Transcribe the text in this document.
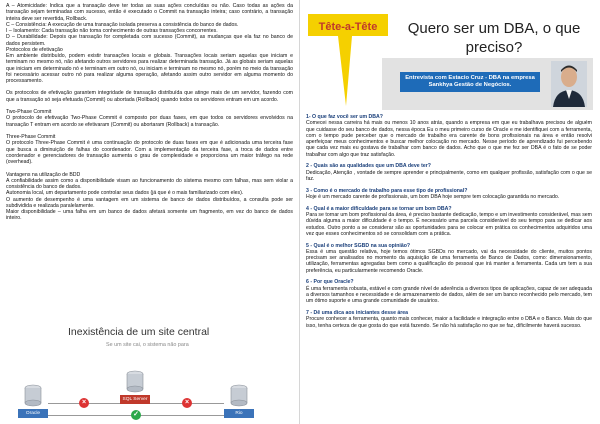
A – Atomicidade: Indica que a transação deve ter todas as suas ações concluídas ou não. Caso todas as ações da transação sejam terminadas com sucesso, então é executado o Commit na transação inteira; caso contrário, a transação inteira deve ser revertida, Rollback.

C – Consistência: A execução de uma transação isolada preserva a consistência do banco de dados.

I – Isolamento: Cada transação não toma conhecimento de outras transações concorrentes.

D – Durabilidade: Depois que transação for completada com sucesso (Commit), as mudanças que ela faz no banco de dados persistem.

Protocolos de efetivação

Em ambiente distribuído, podem existir transações locais e globais. Transações locais seriam aquelas que iniciam e terminam no mesmo nó, não afetando outros servidores para realizar determinada transação. Já as globais seriam aquelas que iniciam em determinado nó e terminam em outro nó, ou iniciam e terminam no mesmo nó, porém no meio da transação foi necessário acessar outro nó para realizar alguma operação, afetando assim outro servidor em alguma momento do processamento.

Os protocolos de efetivação garantem integridade de transação distribuída que atinge mais de um servidor, fazendo com que a transação só seja efetuada (Commit) ou abortada (Rollback) quando todos os servidores entram em um acordo.

Two-Phase Commit

O protocolo de efetivação Two-Phase Commit é composto por duas fases, em que todos os servidores envolvidos na transação T entram em acordo se efetivaram (Commit) ou abortaram (Rollback) a transação.

Three-Phase Commit

O protocolo Three-Phase Commit é uma continuação do protocolo de duas fases em que é adicionada uma terceira fase que busca a diminuição de falhas do coordenador. Com a implementação da terceira fase, a troca de dados entre coordenador e gerenciadores de transação aumenta o grau de complexidade e proporciona um maior tráfego na rede (overhead).

Vantagens na utilização de BDD

A confiabilidade assim como a disponibilidade visam ao funcionamento do sistema mesmo com falhas, mas sem violar a consistência do banco de dados.

Autonomia local, um departamento pode controlar seus dados (já que é o mais familiarizado com eles).

O aumento de desempenho é uma vantagem em um sistema de banco de dados distribuídos, a consulta pode ser subdividida e realizada paralelamente.

Maior disponibilidade – uma falha em um banco de dados afetará somente um fragmento, em vez do banco de dados inteiro.

Inexistência de um site central
Se um site cai, o sistema não para
×	×
✓
Oracle
SQL Server
Rio
Tête-a-Tête	Quero ser um DBA, o que preciso?
Entrevista com Estacio Cruz - DBA na empresa Sankhya Gestão de Negócios.

1- O que faz você ser um DBA?

Comecei nessa carreira há mais ou menos 10 anos atrás, quando a empresa em que eu trabalhava precisou de alguém que cuidasse do seu banco de dados, nessa época Eu o meu primeiro curso de Oracle e me identifiquei com a ferramenta, com o tempo pude perceber que o mercado de trabalho era carente de bons profissionais na área e então resolvi aperfeiçoar meus conhecimentos e buscar melhor colocação no mercado. Nesse período de aprendizado fui percebendo que cada vez mais eu gostava de trabalhar com banco de dados. Acho que o que me fez ser DBA é o fato de se poder trabalhar com algo que traz satisfação.

2 - Quais são as qualidades que um DBA deve ter?

Dedicação, Atenção , vontade de sempre aprender e principalmente, como em qualquer profissão, satisfação com o que se faz.

3 - Como é o mercado de trabalho para esse tipo de profissional?

Hoje é um mercado carente de profissionais, um bom DBA hoje sempre tem colocação garantida no mercado.

4 - Qual é a maior dificuldade para se tornar um bom DBA?

Para se tornar um bom profissional da área, é preciso bastante dedicação, tempo e um investimento considerável, mas sem dúvida alguma a maior dificuldade é o tempo. É necessário uma parcela considerável do seu tempo para se dedicar aos estudos. Outro ponto a se considerar são as oportunidades para se colocar em prática os conhecimentos adquiridos uma vez que esses conhecimentos só se consolidam com a prática.

5 - Qual é o melhor SGBD na sua opinião?

Essa é uma questão relativa, hoje temos ótimos SGBDs no mercado, vai da necessidade do cliente, muitos pontos precisam ser analisados no momento da aquisição de uma ferramenta de Banco de Dados, como: dimensionamento, utilização, ferramentas agregadas bem como a qualificação do pessoal que irá manter a ferramenta. Cada um tem a sua preferência, eu particularmente recomendo Oracle.

6 - Por que Oracle?

É uma ferramenta robusta, estável e com grande nível de aderência a diversos tipos de aplicações, capaz de ser adequada a diversos tamanhos e necessidade e de armazenamento de dados, além de ser um banco reconhecido pelo mercado, tem um ótimo suporte e uma grande comunidade de usuários.

7 - Dê uma dica aos iniciantes desse área

Procure conhecer a ferramenta, quanto mais conhecer, maior a facilidade e integração entre o DBA e o Banco. Mais do que isso, tenha certeza de que gosta do que está fazendo. Se não há satisfação no que se faz, dificilmente haverá sucesso.
